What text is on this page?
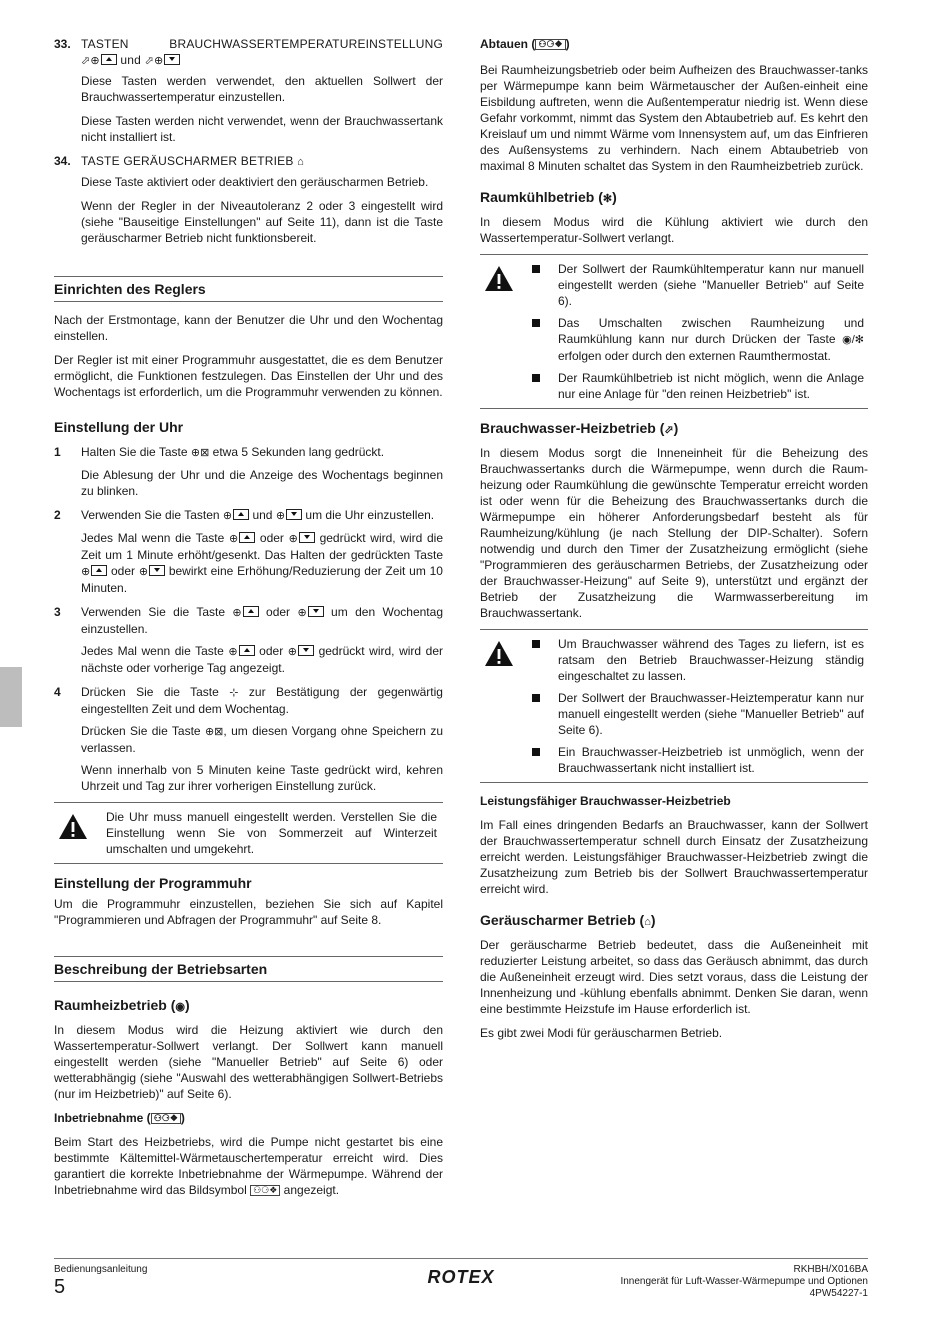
33. TASTEN BRAUCHWASSERTEMPERATUREINSTELLUNG

⬀⊕ und ⬀⊕

Diese Tasten werden verwendet, den aktuellen Sollwert der Brauchwassertemperatur einzustellen.

Diese Tasten werden nicht verwendet, wenn der Brauchwassertank nicht installiert ist.

34. TASTE GERÄUSCHARMER BETRIEB ⌂

Diese Taste aktiviert oder deaktiviert den geräuscharmen Betrieb.

Wenn der Regler in der Niveautoleranz 2 oder 3 eingestellt wird (siehe "Bauseitige Einstellungen" auf Seite 11), dann ist die Taste geräuscharmer Betrieb nicht funktionsbereit.

Einrichten des Reglers

Nach der Erstmontage, kann der Benutzer die Uhr und den Wochentag einstellen.

Der Regler ist mit einer Programmuhr ausgestattet, die es dem Benutzer ermöglicht, die Funktionen festzulegen. Das Einstellen der Uhr und des Wochentags ist erforderlich, um die Programmuhr verwenden zu können.

Einstellung der Uhr
1 Halten Sie die Taste ⊕⊠ etwa 5 Sekunden lang gedrückt.

Die Ablesung der Uhr und die Anzeige des Wochentags beginnen zu blinken.

2 Verwenden Sie die Tasten ⊕ und ⊕ um die Uhr einzustellen.

Jedes Mal wenn die Taste ⊕ oder ⊕ gedrückt wird, wird die Zeit um 1 Minute erhöht/gesenkt. Das Halten der gedrückten Taste ⊕ oder ⊕ bewirkt eine Erhöhung/Reduzierung der Zeit um 10 Minuten.

3 Verwenden Sie die Taste ⊕ oder ⊕ um den Wochentag einzustellen.

Jedes Mal wenn die Taste ⊕ oder ⊕ gedrückt wird, wird der nächste oder vorherige Tag angezeigt.

4 Drücken Sie die Taste ⊹ zur Bestätigung der gegenwärtig eingestellten Zeit und dem Wochentag.

Drücken Sie die Taste ⊕⊠, um diesen Vorgang ohne Speichern zu verlassen.

Wenn innerhalb von 5 Minuten keine Taste gedrückt wird, kehren Uhrzeit und Tag zur ihrer vorherigen Einstellung zurück.

Die Uhr muss manuell eingestellt werden. Verstellen Sie die Einstellung wenn Sie von Sommerzeit auf Winterzeit umschalten und umgekehrt.

Einstellung der Programmuhr

Um die Programmuhr einzustellen, beziehen Sie sich auf Kapitel "Programmieren und Abfragen der Programmuhr" auf Seite 8.

Beschreibung der Betriebsarten
Raumheizbetrieb (◉)

In diesem Modus wird die Heizung aktiviert wie durch den Wassertemperatur-Sollwert verlangt. Der Sollwert kann manuell eingestellt werden (siehe "Manueller Betrieb" auf Seite 6) oder wetterabhängig (siehe "Auswahl des wetterabhängigen Sollwert-Betriebs (nur im Heizbetrieb)" auf Seite 6).

Inbetriebnahme ( ⚇⚆❖ )

Beim Start des Heizbetriebs, wird die Pumpe nicht gestartet bis eine bestimmte Kältemittel-Wärmetauschertemperatur erreicht wird. Dies garantiert die korrekte Inbetriebnahme der Wärmepumpe. Während der Inbetriebnahme wird das Bildsymbol ⚇⚆❖ angezeigt.

Abtauen ( ⚇⚆❖ )

Bei Raumheizungsbetrieb oder beim Aufheizen des Brauchwasser-tanks per Wärmepumpe kann beim Wärmetauscher der Außen-einheit eine Eisbildung auftreten, wenn die Außentemperatur niedrig ist. Wenn diese Gefahr vorkommt, nimmt das System den Abtaubetrieb auf. Es kehrt den Kreislauf um und nimmt Wärme vom Innensystem auf, um das Einfrieren des Außensystems zu verhindern. Nach einem Abtaubetrieb von maximal 8 Minuten schaltet das System in den Raumheizbetrieb zurück.

Raumkühlbetrieb (✻)

In diesem Modus wird die Kühlung aktiviert wie durch den Wassertemperatur-Sollwert verlangt.

Der Sollwert der Raumkühltemperatur kann nur manuell eingestellt werden (siehe "Manueller Betrieb" auf Seite 6).

Das Umschalten zwischen Raumheizung und Raumkühlung kann nur durch Drücken der Taste ◉/✻ erfolgen oder durch den externen Raumthermostat.

Der Raumkühlbetrieb ist nicht möglich, wenn die Anlage nur eine Anlage für "den reinen Heizbetrieb" ist.

Brauchwasser-Heizbetrieb (⬀)

In diesem Modus sorgt die Inneneinheit für die Beheizung des Brauchwassertanks durch die Wärmepumpe, wenn durch die Raum-heizung oder Raumkühlung die gewünschte Temperatur erreicht worden ist oder wenn für die Beheizung des Brauchwassertanks durch die Wärmepumpe ein höherer Anforderungsbedarf besteht als für Raumheizung/kühlung (je nach Stellung der DIP-Schalter). Sofern notwendig und durch den Timer der Zusatzheizung ermöglicht (siehe "Programmieren des geräuscharmen Betriebs, der Zusatzheizung oder der Brauchwasser-Heizung" auf Seite 9), unterstützt und ergänzt der Betrieb der Zusatzheizung die Warmwasserbereitung im Brauchwassertank.

Um Brauchwasser während des Tages zu liefern, ist es ratsam den Betrieb Brauchwasser-Heizung ständig eingeschaltet zu lassen.

Der Sollwert der Brauchwasser-Heiztemperatur kann nur manuell eingestellt werden (siehe "Manueller Betrieb" auf Seite 6).

Ein Brauchwasser-Heizbetrieb ist unmöglich, wenn der Brauchwassertank nicht installiert ist.

Leistungsfähiger Brauchwasser-Heizbetrieb

Im Fall eines dringenden Bedarfs an Brauchwasser, kann der Sollwert der Brauchwassertemperatur schnell durch Einsatz der Zusatzheizung erreicht werden. Leistungsfähiger Brauchwasser-Heizbetrieb zwingt die Zusatzheizung zum Betrieb bis der Sollwert Brauchwassertemperatur erreicht wird.

Geräuscharmer Betrieb (⌂)

Der geräuscharme Betrieb bedeutet, dass die Außeneinheit mit reduzierter Leistung arbeitet, so dass das Geräusch abnimmt, das durch die Außeneinheit erzeugt wird. Dies setzt voraus, dass die Leistung der Innenheizung und -kühlung ebenfalls abnimmt. Denken Sie daran, wenn eine bestimmte Heizstufe im Hause erforderlich ist.

Es gibt zwei Modi für geräuscharmen Betrieb.

Bedienungsanleitung
5	ROTEX	RKHBH/X016BA
Innengerät für Luft-Wasser-Wärmepumpe und Optionen
4PW54227-1
